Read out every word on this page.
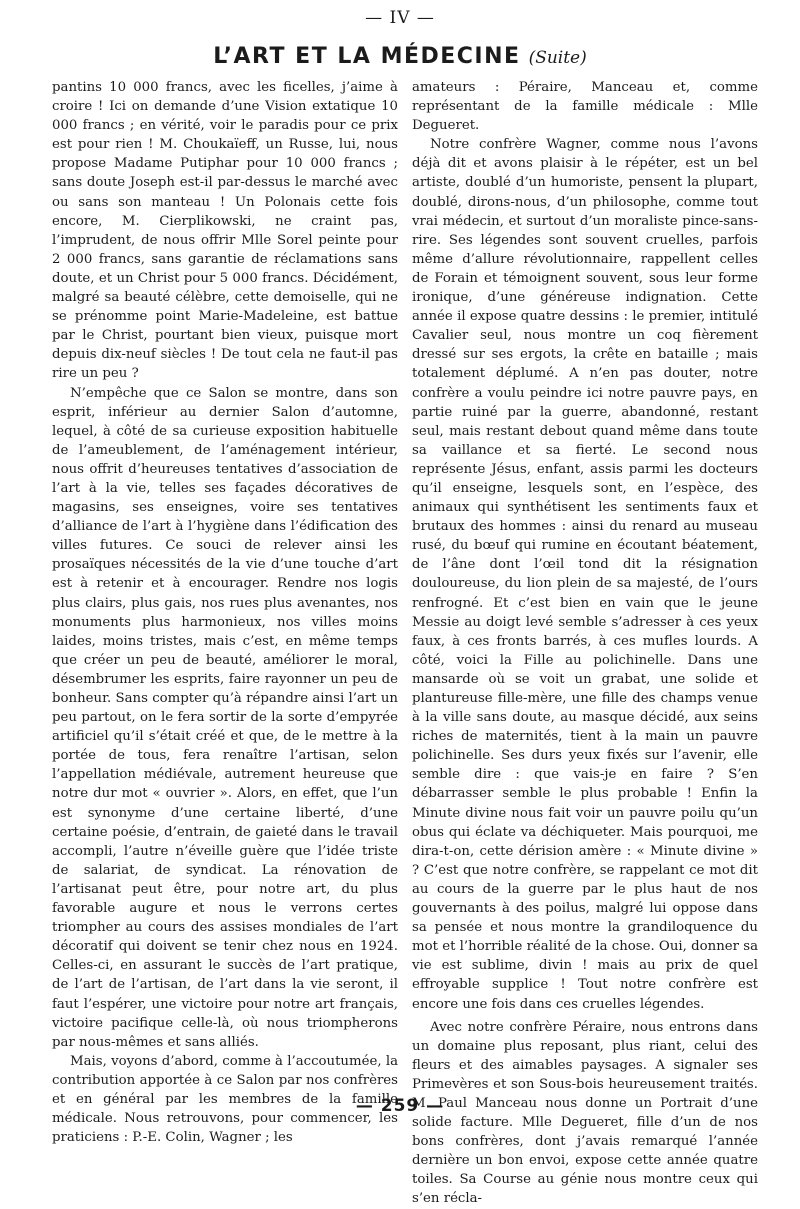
— IV —
L’ART ET LA MÉDECINE (Suite)

pantins 10 000 francs, avec les ficelles, j’aime à croire ! Ici on demande d’une Vision extatique 10 000 francs ; en vérité, voir le paradis pour ce prix est pour rien ! M. Choukaïeff, un Russe, lui, nous propose Madame Putiphar pour 10 000 francs ; sans doute Joseph est-il par-dessus le marché avec ou sans son manteau ! Un Polonais cette fois encore, M. Cierplikowski, ne craint pas, l’imprudent, de nous offrir Mlle Sorel peinte pour 2 000 francs, sans garantie de réclamations sans doute, et un Christ pour 5 000 francs. Décidément, malgré sa beauté célèbre, cette demoiselle, qui ne se prénomme point Marie-Madeleine, est battue par le Christ, pourtant bien vieux, puisque mort depuis dix-neuf siècles ! De tout cela ne faut-il pas rire un peu ?

N’empêche que ce Salon se montre, dans son esprit, inférieur au dernier Salon d’automne, lequel, à côté de sa curieuse exposition habituelle de l’ameublement, de l’aménagement intérieur, nous offrit d’heureuses tentatives d’association de l’art à la vie, telles ses façades décoratives de magasins, ses enseignes, voire ses tentatives d’alliance de l’art à l’hygiène dans l’édification des villes futures. Ce souci de relever ainsi les prosaïques nécessités de la vie d’une touche d’art est à retenir et à encourager. Rendre nos logis plus clairs, plus gais, nos rues plus avenantes, nos monuments plus harmonieux, nos villes moins laides, moins tristes, mais c’est, en même temps que créer un peu de beauté, améliorer le moral, désembrumer les esprits, faire rayonner un peu de bonheur. Sans compter qu’à répandre ainsi l’art un peu partout, on le fera sortir de la sorte d’empyrée artificiel qu’il s’était créé et que, de le mettre à la portée de tous, fera renaître l’artisan, selon l’appellation médiévale, autrement heureuse que notre dur mot « ouvrier ». Alors, en effet, que l’un est synonyme d’une certaine liberté, d’une certaine poésie, d’entrain, de gaieté dans le travail accompli, l’autre n’éveille guère que l’idée triste de salariat, de syndicat. La rénovation de l’artisanat peut être, pour notre art, du plus favorable augure et nous le verrons certes triompher au cours des assises mondiales de l’art décoratif qui doivent se tenir chez nous en 1924. Celles-ci, en assurant le succès de l’art pratique, de l’art de l’artisan, de l’art dans la vie seront, il faut l’espérer, une victoire pour notre art français, victoire pacifique celle-là, où nous triompherons par nous-mêmes et sans alliés.

Mais, voyons d’abord, comme à l’accoutumée, la contribution apportée à ce Salon par nos confrères et en général par les membres de la famille médicale. Nous retrouvons, pour commencer, les praticiens : P.-E. Colin, Wagner ; les

amateurs : Péraire, Manceau et, comme représentant de la famille médicale : Mlle Degueret.

Notre confrère Wagner, comme nous l’avons déjà dit et avons plaisir à le répéter, est un bel artiste, doublé d’un humoriste, pensent la plupart, doublé, dirons-nous, d’un philosophe, comme tout vrai médecin, et surtout d’un moraliste pince-sans-rire. Ses légendes sont souvent cruelles, parfois même d’allure révolutionnaire, rappellent celles de Forain et témoignent souvent, sous leur forme ironique, d’une généreuse indignation. Cette année il expose quatre dessins : le premier, intitulé Cavalier seul, nous montre un coq fièrement dressé sur ses ergots, la crête en bataille ; mais totalement déplumé. A n’en pas douter, notre confrère a voulu peindre ici notre pauvre pays, en partie ruiné par la guerre, abandonné, restant seul, mais restant debout quand même dans toute sa vaillance et sa fierté. Le second nous représente Jésus, enfant, assis parmi les docteurs qu’il enseigne, lesquels sont, en l’espèce, des animaux qui synthétisent les sentiments faux et brutaux des hommes : ainsi du renard au museau rusé, du bœuf qui rumine en écoutant béatement, de l’âne dont l’œil tond dit la résignation douloureuse, du lion plein de sa majesté, de l’ours renfrogné. Et c’est bien en vain que le jeune Messie au doigt levé semble s’adresser à ces yeux faux, à ces fronts barrés, à ces mufles lourds. A côté, voici la Fille au polichinelle. Dans une mansarde où se voit un grabat, une solide et plantureuse fille-mère, une fille des champs venue à la ville sans doute, au masque décidé, aux seins riches de maternités, tient à la main un pauvre polichinelle. Ses durs yeux fixés sur l’avenir, elle semble dire : que vais-je en faire ? S’en débarrasser semble le plus probable ! Enfin la Minute divine nous fait voir un pauvre poilu qu’un obus qui éclate va déchiqueter. Mais pourquoi, me dira-t-on, cette dérision amère : « Minute divine » ? C’est que notre confrère, se rappelant ce mot dit au cours de la guerre par le plus haut de nos gouvernants à des poilus, malgré lui oppose dans sa pensée et nous montre la grandiloquence du mot et l’horrible réalité de la chose. Oui, donner sa vie est sublime, divin ! mais au prix de quel effroyable supplice ! Tout notre confrère est encore une fois dans ces cruelles légendes.

Avec notre confrère Péraire, nous entrons dans un domaine plus reposant, plus riant, celui des fleurs et des aimables paysages. A signaler ses Primevères et son Sous-bois heureusement traités. M. Paul Manceau nous donne un Portrait d’une solide facture. Mlle Degueret, fille d’un de nos bons confrères, dont j’avais remarqué l’année dernière un bon envoi, expose cette année quatre toiles. Sa Course au génie nous montre ceux qui s’en récla-

— 259 —
